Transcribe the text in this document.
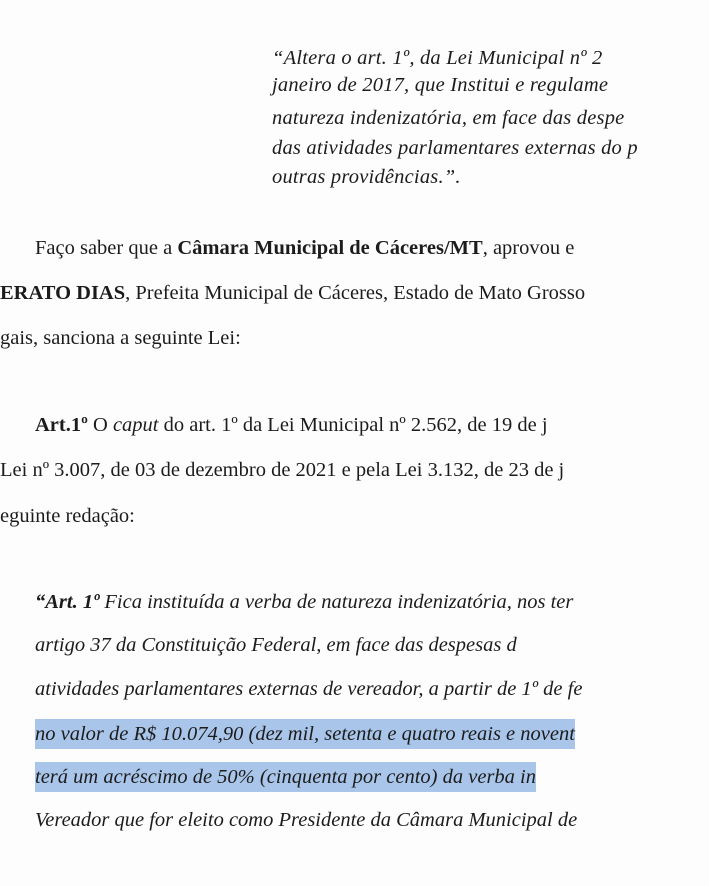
“Altera o art. 1º, da Lei Municipal nº 2
janeiro de 2017, que Institui e regulame
natureza indenizatória, em face das despe
das atividades parlamentares externas do p
outras providências.”.
Faço saber que a Câmara Municipal de Cáceres/MT, aprovou e
ERATO DIAS, Prefeita Municipal de Cáceres, Estado de Mato Grosso
gais, sanciona a seguinte Lei:
Art.1º O caput do art. 1º da Lei Municipal nº 2.562, de 19 de j
Lei nº 3.007, de 03 de dezembro de 2021 e pela Lei 3.132, de 23 de j
eguinte redação:
“Art. 1º Fica instituída a verba de natureza indenizatória, nos ter
artigo 37 da Constituição Federal, em face das despesas d
atividades parlamentares externas de vereador, a partir de 1º de fe
no valor de R$ 10.074,90 (dez mil, setenta e quatro reais e novent
terá um acréscimo de 50% (cinquenta por cento) da verba in
Vereador que for eleito como Presidente da Câmara Municipal de
